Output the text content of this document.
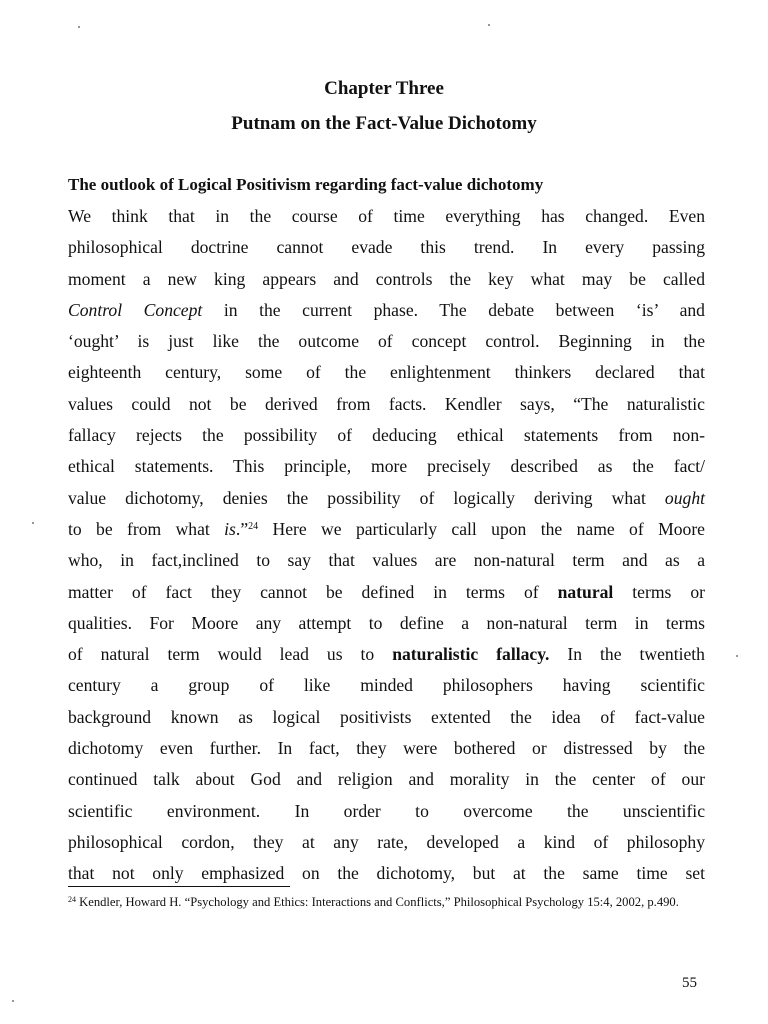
Chapter Three
Putnam on the Fact-Value Dichotomy
The outlook of Logical Positivism regarding fact-value dichotomy
We think that in the course of time everything has changed. Even
philosophical doctrine cannot evade this trend. In every passing
moment a new king appears and controls the key what may be called
Control Concept in the current phase. The debate between ‘is’ and
‘ought’ is just like the outcome of concept control. Beginning in the
eighteenth century, some of the enlightenment thinkers declared that
values could not be derived from facts. Kendler says, “The naturalistic
fallacy rejects the possibility of deducing ethical statements from non-
ethical statements. This principle, more precisely described as the fact/
value dichotomy, denies the possibility of logically deriving what ought
to be from what is.”$^{24}$ Here we particularly call upon the name of Moore
who, in fact,inclined to say that values are non-natural term and as a
matter of fact they cannot be defined in terms of natural terms or
qualities. For Moore any attempt to define a non-natural term in terms
of natural term would lead us to naturalistic fallacy. In the twentieth
century a group of like minded philosophers having scientific
background known as logical positivists extented the idea of fact-value
dichotomy even further. In fact, they were bothered or distressed by the
continued talk about God and religion and morality in the center of our
scientific environment. In order to overcome the unscientific
philosophical cordon, they at any rate, developed a kind of philosophy
that not only emphasized on the dichotomy, but at the same time set
$^{24}$ Kendler, Howard H. “Psychology and Ethics: Interactions and Conflicts,” Philosophical Psychology 15:4, 2002, p.490.
55
